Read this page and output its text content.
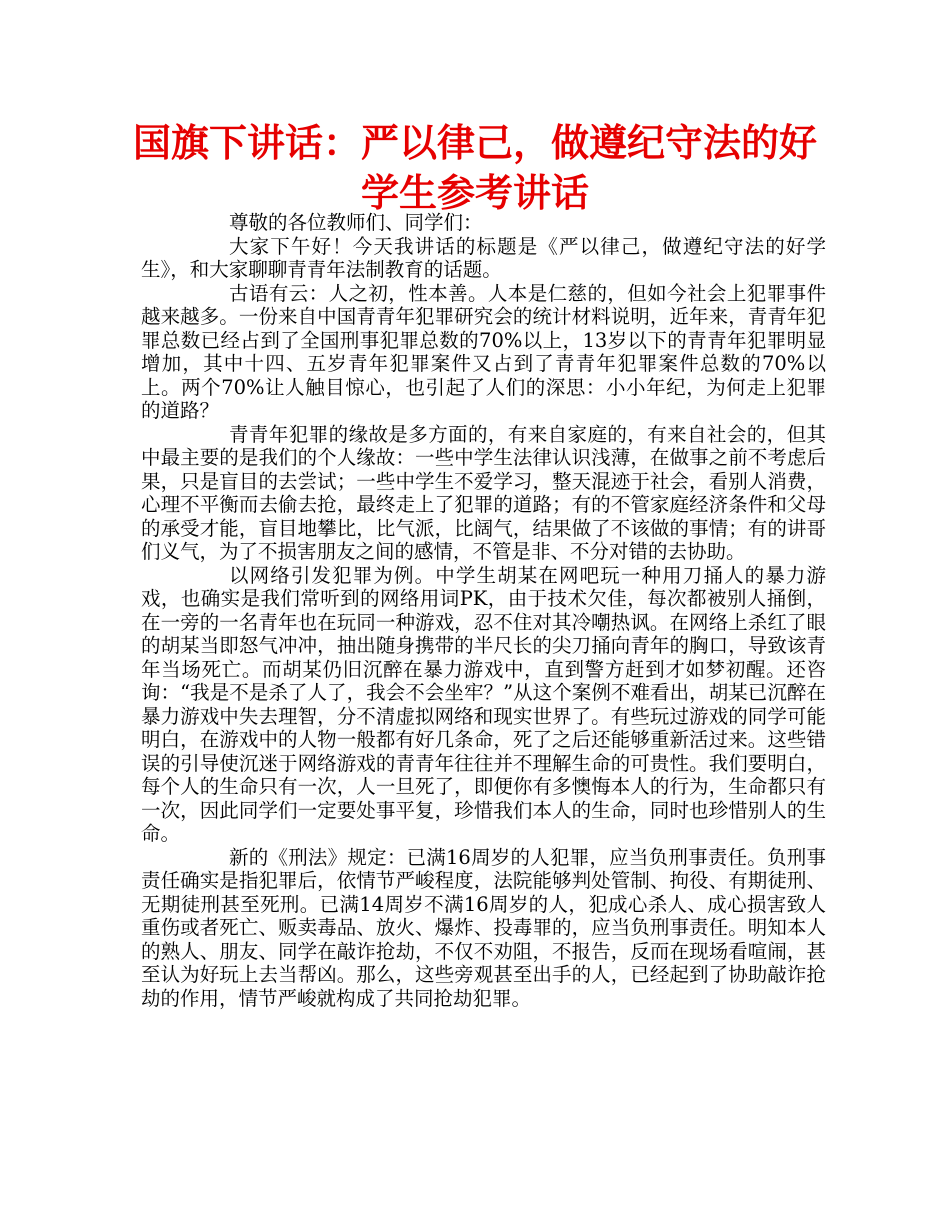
国旗下讲话：严以律己，做遵纪守法的好学生参考讲话

尊敬的各位教师们、同学们：

大家下午好！今天我讲话的标题是《严以律己，做遵纪守法的好学生》，和大家聊聊青青年法制教育的话题。

古语有云：人之初，性本善。人本是仁慈的，但如今社会上犯罪事件越来越多。一份来自中国青青年犯罪研究会的统计材料说明，近年来，青青年犯罪总数已经占到了全国刑事犯罪总数的70%以上，13岁以下的青青年犯罪明显增加，其中十四、五岁青年犯罪案件又占到了青青年犯罪案件总数的70%以上。两个70%让人触目惊心，也引起了人们的深思：小小年纪，为何走上犯罪的道路？

青青年犯罪的缘故是多方面的，有来自家庭的，有来自社会的，但其中最主要的是我们的个人缘故：一些中学生法律认识浅薄，在做事之前不考虑后果，只是盲目的去尝试；一些中学生不爱学习，整天混迹于社会，看别人消费，心理不平衡而去偷去抢，最终走上了犯罪的道路；有的不管家庭经济条件和父母的承受才能，盲目地攀比，比气派，比阔气，结果做了不该做的事情；有的讲哥们义气，为了不损害朋友之间的感情，不管是非、不分对错的去协助。

以网络引发犯罪为例。中学生胡某在网吧玩一种用刀捅人的暴力游戏，也确实是我们常听到的网络用词PK，由于技术欠佳，每次都被别人捅倒，在一旁的一名青年也在玩同一种游戏，忍不住对其冷嘲热讽。在网络上杀红了眼的胡某当即怒气冲冲，抽出随身携带的半尺长的尖刀捅向青年的胸口，导致该青年当场死亡。而胡某仍旧沉醉在暴力游戏中，直到警方赶到才如梦初醒。还咨询：“我是不是杀了人了，我会不会坐牢？”从这个案例不难看出，胡某已沉醉在暴力游戏中失去理智，分不清虚拟网络和现实世界了。有些玩过游戏的同学可能明白，在游戏中的人物一般都有好几条命，死了之后还能够重新活过来。这些错误的引导使沉迷于网络游戏的青青年往往并不理解生命的可贵性。我们要明白，每个人的生命只有一次，人一旦死了，即便你有多懊悔本人的行为，生命都只有一次，因此同学们一定要处事平复，珍惜我们本人的生命，同时也珍惜别人的生命。

新的《刑法》规定：已满16周岁的人犯罪，应当负刑事责任。负刑事责任确实是指犯罪后，依情节严峻程度，法院能够判处管制、拘役、有期徒刑、无期徒刑甚至死刑。已满14周岁不满16周岁的人，犯成心杀人、成心损害致人重伤或者死亡、贩卖毒品、放火、爆炸、投毒罪的，应当负刑事责任。明知本人的熟人、朋友、同学在敲诈抢劫，不仅不劝阻，不报告，反而在现场看喧闹，甚至认为好玩上去当帮凶。那么，这些旁观甚至出手的人，已经起到了协助敲诈抢劫的作用，情节严峻就构成了共同抢劫犯罪。
